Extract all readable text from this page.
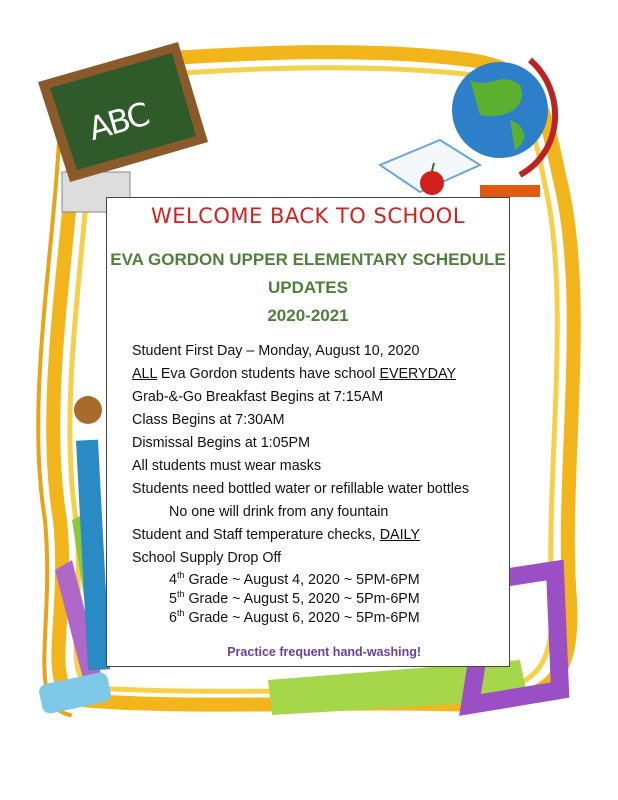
ABC
WELCOME BACK TO SCHOOL
EVA GORDON UPPER ELEMENTARY SCHEDULE
UPDATES
2020-2021
Student First Day – Monday, August 10, 2020
ALL Eva Gordon students have school EVERYDAY
Grab-&-Go Breakfast Begins at 7:15AM
Class Begins at 7:30AM
Dismissal Begins at 1:05PM
All students must wear masks
Students need bottled water or refillable water bottles
No one will drink from any fountain
Student and Staff temperature checks, DAILY
School Supply Drop Off
4th Grade ~ August 4, 2020 ~ 5PM-6PM
5th Grade ~ August 5, 2020 ~ 5Pm-6PM
6th Grade ~ August 6, 2020 ~ 5Pm-6PM
Practice frequent hand-washing!
